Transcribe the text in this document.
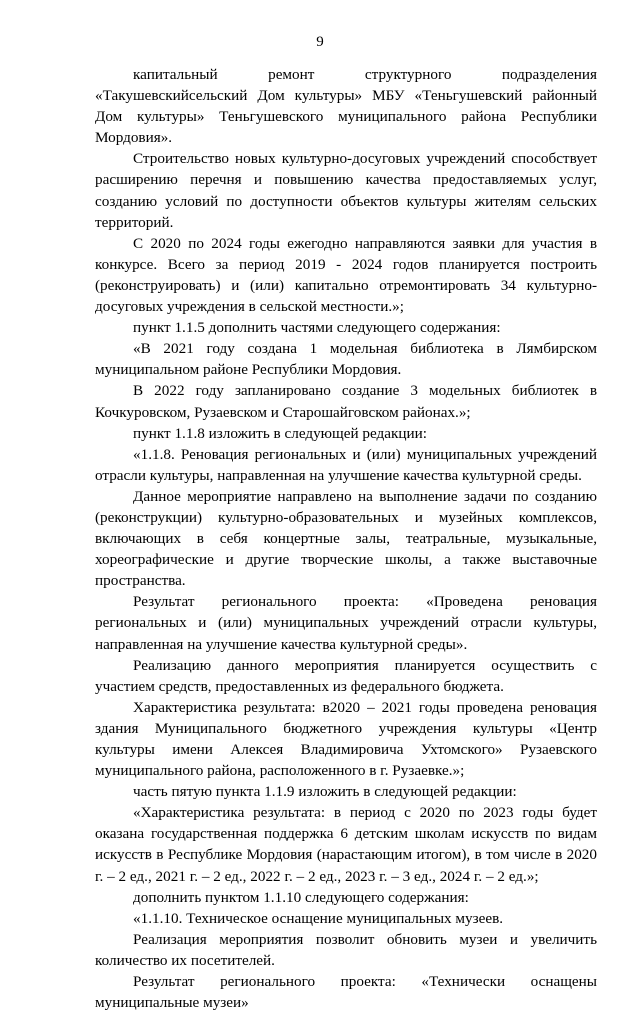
9

капитальный ремонт структурного подразделения «Такушевскийсельский Дом культуры» МБУ «Теньгушевский районный Дом культуры» Теньгушевского муниципального района Республики Мордовия».

Строительство новых культурно-досуговых учреждений способствует расширению перечня и повышению качества предоставляемых услуг, созданию условий по доступности объектов культуры жителям сельских территорий.

С 2020 по 2024 годы ежегодно направляются заявки для участия в конкурсе. Всего за период 2019 - 2024 годов планируется построить (реконструировать) и (или) капитально отремонтировать 34 культурно-досуговых учреждения в сельской местности.»;

пункт 1.1.5 дополнить частями следующего содержания:

«В 2021 году создана 1 модельная библиотека в Лямбирском муниципальном районе Республики Мордовия.

В 2022 году запланировано создание 3 модельных библиотек в Кочкуровском, Рузаевском и Старошайговском районах.»;

пункт 1.1.8 изложить в следующей редакции:

«1.1.8. Реновация региональных и (или) муниципальных учреждений отрасли культуры, направленная на улучшение качества культурной среды.

Данное мероприятие направлено на выполнение задачи по созданию (реконструкции) культурно-образовательных и музейных комплексов, включающих в себя концертные залы, театральные, музыкальные, хореографические и другие творческие школы, а также выставочные пространства.

Результат регионального проекта: «Проведена реновация региональных и (или) муниципальных учреждений отрасли культуры, направленная на улучшение качества культурной среды».

Реализацию данного мероприятия планируется осуществить с участием средств, предоставленных из федерального бюджета.

Характеристика результата: в2020 – 2021 годы проведена реновация здания Муниципального бюджетного учреждения культуры «Центр культуры имени Алексея Владимировича Ухтомского» Рузаевского муниципального района, расположенного в г. Рузаевке.»;

часть пятую пункта 1.1.9 изложить в следующей редакции:

«Характеристика результата: в период с 2020 по 2023 годы будет оказана государственная поддержка 6 детским школам искусств по видам искусств в Республике Мордовия (нарастающим итогом), в том числе в 2020 г. – 2 ед., 2021 г. – 2 ед., 2022 г. – 2 ед., 2023 г. – 3 ед., 2024 г. – 2 ед.»;

дополнить пунктом 1.1.10 следующего содержания:

«1.1.10. Техническое оснащение муниципальных музеев.

Реализация мероприятия позволит обновить музеи и увеличить количество их посетителей.

Результат регионального проекта: «Технически оснащены муниципальные музеи»
